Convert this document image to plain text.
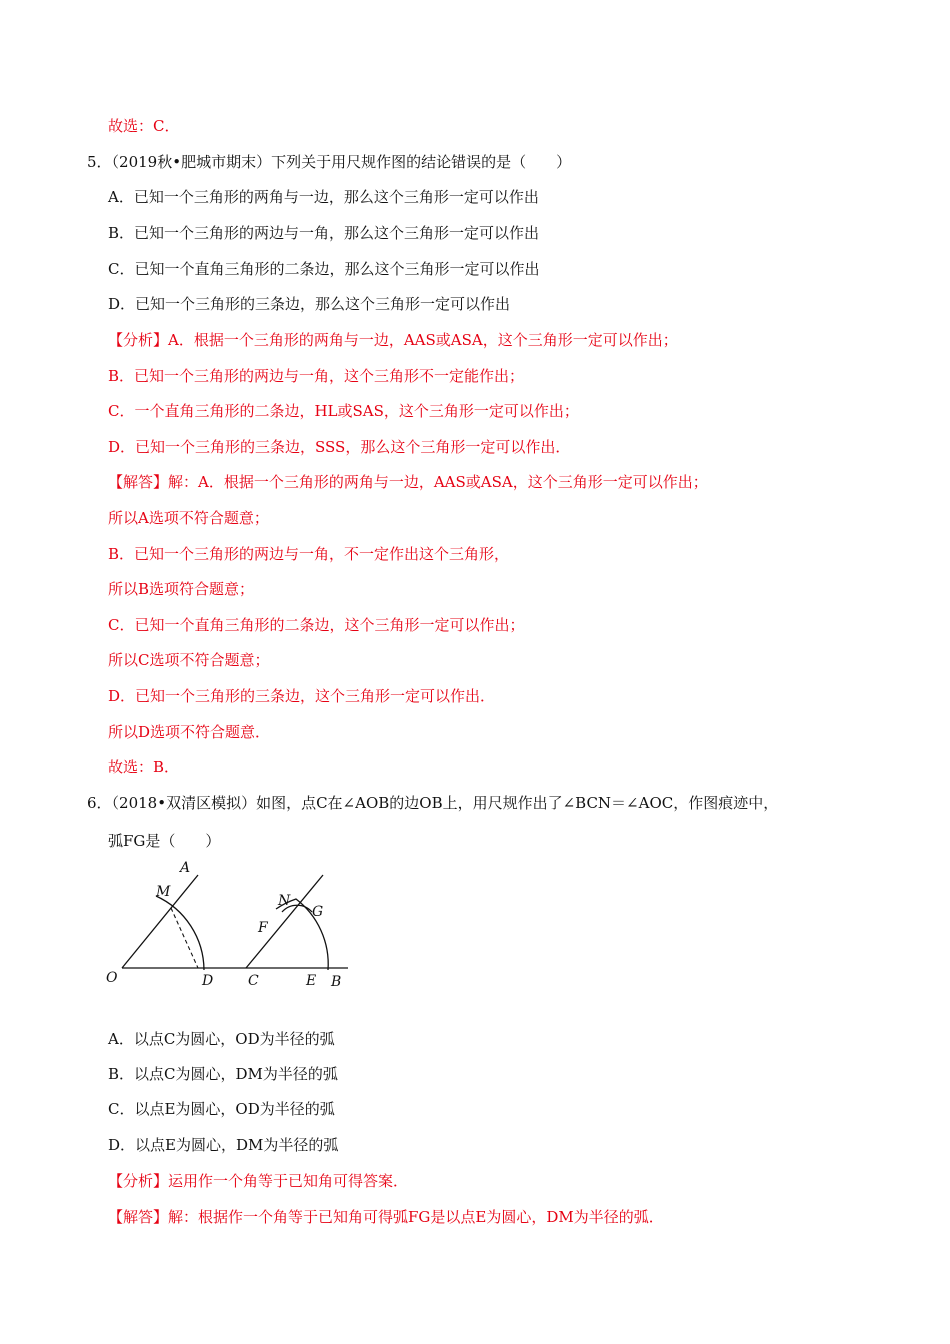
故选：C．
5．（2019秋•肥城市期末）下列关于用尺规作图的结论错误的是（　　）
A．已知一个三角形的两角与一边，那么这个三角形一定可以作出
B．已知一个三角形的两边与一角，那么这个三角形一定可以作出
C．已知一个直角三角形的二条边，那么这个三角形一定可以作出
D．已知一个三角形的三条边，那么这个三角形一定可以作出
【分析】A．根据一个三角形的两角与一边，AAS或ASA，这个三角形一定可以作出；
B．已知一个三角形的两边与一角，这个三角形不一定能作出；
C．一个直角三角形的二条边，HL或SAS，这个三角形一定可以作出；
D．已知一个三角形的三条边，SSS，那么这个三角形一定可以作出．
【解答】解：A．根据一个三角形的两角与一边，AAS或ASA，这个三角形一定可以作出；
所以A选项不符合题意；
B．已知一个三角形的两边与一角，不一定作出这个三角形，
所以B选项符合题意；
C．已知一个直角三角形的二条边，这个三角形一定可以作出；
所以C选项不符合题意；
D．已知一个三角形的三条边，这个三角形一定可以作出．
所以D选项不符合题意．
故选：B．
6．（2018•双清区模拟）如图，点C在∠AOB的边OB上，用尺规作出了∠BCN＝∠AOC，作图痕迹中，
弧FG是（　　）
A
M
O	D C
N
G
F
E B
A．以点C为圆心，OD为半径的弧
B．以点C为圆心，DM为半径的弧
C．以点E为圆心，OD为半径的弧
D．以点E为圆心，DM为半径的弧
【分析】运用作一个角等于已知角可得答案．
【解答】解：根据作一个角等于已知角可得弧FG是以点E为圆心，DM为半径的弧．
